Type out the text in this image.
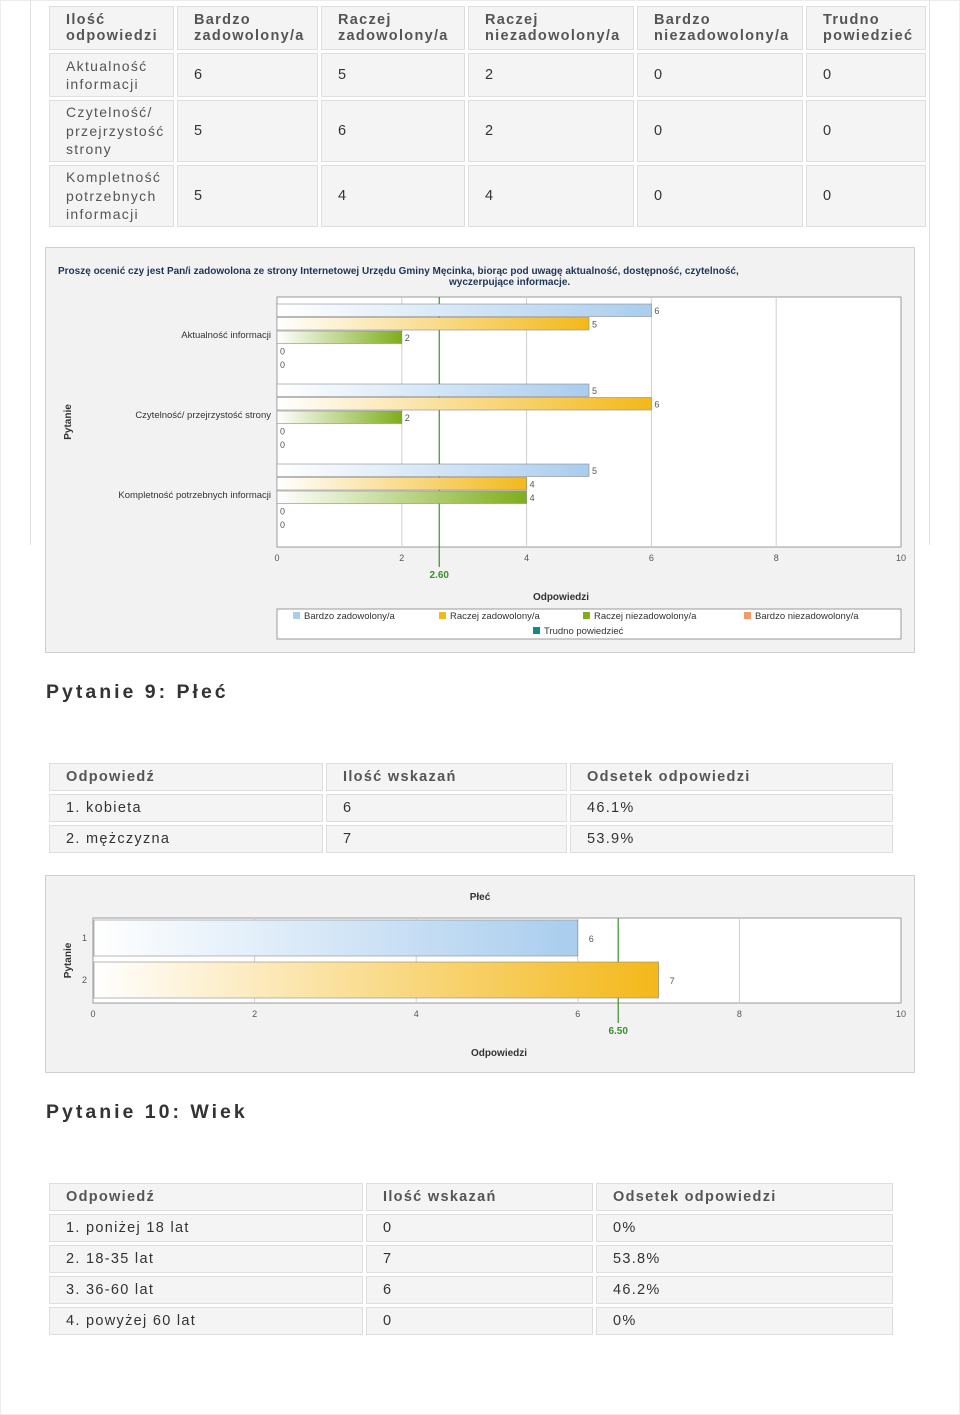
Ilość odpowiedzi	Bardzo zadowolony/a	Raczej zadowolony/a	Raczej niezadowolony/a	Bardzo niezadowolony/a	Trudno powiedzieć
Aktualność informacji	6	5	2	0	0
Czytelność/ przejrzystość strony	5	6	2	0	0
Kompletność potrzebnych informacji	5	4	4	0	0
Proszę ocenić czy jest Pan/i zadowolona ze strony Internetowej Urzędu Gminy Męcinka, biorąc pod uwagę aktualność, dostępność, czytelność,
wyczerpujące informacje.
0	2	4	6	8	10
2.60
Aktualność informacji
6
5
2
0
0
Czytelność/ przejrzystość strony
5
6
2
0
0
Kompletność potrzebnych informacji
5
4
4
0
0
Pytanie
Odpowiedzi
Bardzo zadowolony/a	Raczej zadowolony/a	Raczej niezadowolony/a	Bardzo niezadowolony/a
Trudno powiedzieć
Pytanie 9: Płeć
Odpowiedź	Ilość wskazań	Odsetek odpowiedzi
1. kobieta	6	46.1%
2. mężczyzna	7	53.9%
Płeć
0	2	4	6	8	10
6.50
6
1
7
2
Pytanie
Odpowiedzi
Pytanie 10: Wiek
Odpowiedź	Ilość wskazań	Odsetek odpowiedzi
1. poniżej 18 lat	0	0%
2. 18-35 lat	7	53.8%
3. 36-60 lat	6	46.2%
4. powyżej 60 lat	0	0%
